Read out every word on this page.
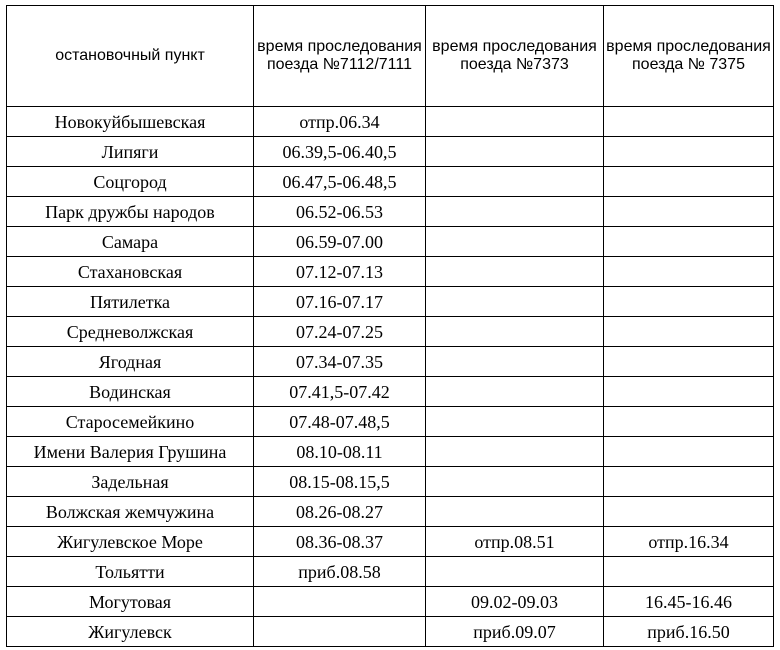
остановочный пункт	время проследования поезда №7112/7111	время проследования поезда №7373	время проследования поезда № 7375
Новокуйбышевская	отпр.06.34		
Липяги	06.39,5-06.40,5		
Соцгород	06.47,5-06.48,5		
Парк дружбы народов	06.52-06.53		
Самара	06.59-07.00		
Стахановская	07.12-07.13		
Пятилетка	07.16-07.17		
Средневолжская	07.24-07.25		
Ягодная	07.34-07.35		
Водинская	07.41,5-07.42		
Старосемейкино	07.48-07.48,5		
Имени Валерия Грушина	08.10-08.11		
Задельная	08.15-08.15,5		
Волжская жемчужина	08.26-08.27		
Жигулевское Море	08.36-08.37	отпр.08.51	отпр.16.34
Тольятти	приб.08.58		
Могутовая		09.02-09.03	16.45-16.46
Жигулевск		приб.09.07	приб.16.50
